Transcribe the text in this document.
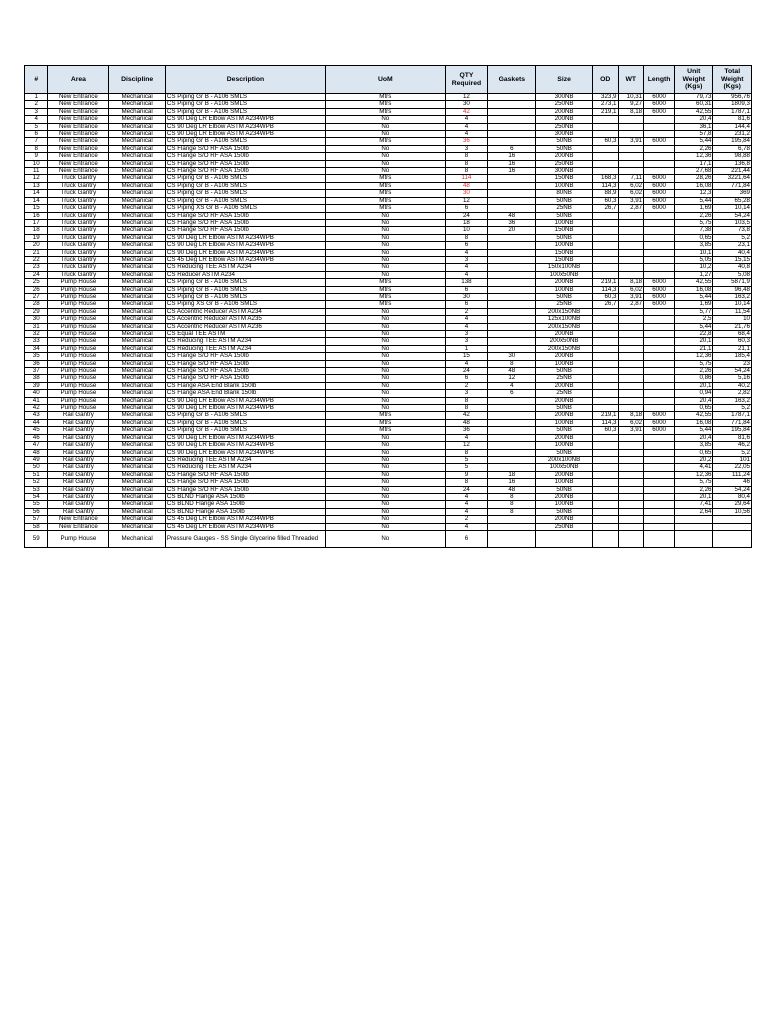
#	Area	Discipline	Description	UoM	QTY Required	Gaskets	Size	OD	WT	Length	Unit Weight (Kgs)	Total Weight (Kgs)
1	New Entrance	Mechanical	CS Piping Gr B - A106 SMLS	Mtrs	12		300NB	323,9	10,31	6000	79,73	956,76
2	New Entrance	Mechanical	CS Piping Gr B - A106 SMLS	Mtrs	30		250NB	273,1	9,27	6000	60,31	1809,3
3	New Entrance	Mechanical	CS Piping Gr B - A106 SMLS	Mtrs	42		200NB	219,1	8,18	6000	42,55	1787,1
4	New Entrance	Mechanical	CS 90 Deg LR Elbow ASTM A234WPB	No	4		200NB				20,4	81,6
5	New Entrance	Mechanical	CS 90 Deg LR Elbow ASTM A234WPB	No	4		250NB				36,1	144,4
6	New Entrance	Mechanical	CS 90 Deg LR Elbow ASTM A234WPB	No	4		300NB				57,8	231,2
7	New Entrance	Mechanical	CS Piping Gr B - A106 SMLS	Mtrs	36		50NB	60,3	3,91	6000	5,44	195,84
8	New Entrance	Mechanical	CS Flange S/O RF ASA 150lb	No	3	6	50NB				2,26	6,78
9	New Entrance	Mechanical	CS Flange S/O RF ASA 150lb	No	8	16	200NB				12,36	98,88
10	New Entrance	Mechanical	CS Flange S/O RF ASA 150lb	No	8	16	250NB				17,1	136,8
11	New Entrance	Mechanical	CS Flange S/O RF ASA 150lb	No	8	16	300NB				27,68	221,44
12	Truck Gantry	Mechanical	CS Piping Gr B - A106 SMLS	Mtrs	114		150NB	168,3	7,11	6000	28,26	3221,64
13	Truck Gantry	Mechanical	CS Piping Gr B - A106 SMLS	Mtrs	48		100NB	114,3	6,02	6000	16,08	771,84
14	Truck Gantry	Mechanical	CS Piping Gr B - A106 SMLS	Mtrs	30		80NB	88,9	6,02	6000	12,3	369
14	Truck Gantry	Mechanical	CS Piping Gr B - A106 SMLS	Mtrs	12		50NB	60,3	3,91	6000	5,44	65,28
15	Truck Gantry	Mechanical	CS Piping XS Gr B - A106 SMLS	Mtrs	6		25NB	26,7	2,87	6000	1,69	10,14
16	Truck Gantry	Mechanical	CS Flange S/O RF ASA 150lb	No	24	48	50NB				2,26	54,24
17	Truck Gantry	Mechanical	CS Flange S/O RF ASA 150lb	No	18	36	100NB				5,75	103,5
18	Truck Gantry	Mechanical	CS Flange S/O RF ASA 150lb	No	10	20	150NB				7,38	73,8
19	Truck Gantry	Mechanical	CS 90 Deg LR Elbow ASTM A234WPB	No	8		50NB				0,65	5,2
20	Truck Gantry	Mechanical	CS 90 Deg LR Elbow ASTM A234WPB	No	6		100NB				3,85	23,1
21	Truck Gantry	Mechanical	CS 90 Deg LR Elbow ASTM A234WPB	No	4		150NB				10,1	40,4
22	Truck Gantry	Mechanical	CS 45 Deg LR Elbow ASTM A234WPB	No	3		150NB				5,05	15,15
23	Truck Gantry	Mechanical	CS Reducing TEE ASTM A234	No	4		150x100NB				10,2	40,8
24	Truck Gantry	Mechanical	CS Reducer ASTM A234	No	4		100x50NB				1,27	5,08
25	Pump House	Mechanical	CS Piping Gr B - A106 SMLS	Mtrs	138		200NB	219,1	8,18	6000	42,55	5871,9
26	Pump House	Mechanical	CS Piping Gr B - A106 SMLS	Mtrs	6		100NB	114,3	6,02	6000	16,08	96,48
27	Pump House	Mechanical	CS Piping Gr B - A106 SMLS	Mtrs	30		50NB	60,3	3,91	6000	5,44	163,2
28	Pump House	Mechanical	CS Piping XS Gr B - A106 SMLS	Mtrs	6		25NB	26,7	2,87	6000	1,69	10,14
29	Pump House	Mechanical	CS Accentric Reducer ASTM A234	No	2		200x150NB				5,77	11,54
30	Pump House	Mechanical	CS Accentric Reducer ASTM A235	No	4		125x100NB				2,5	10
31	Pump House	Mechanical	CS Accentric Reducer ASTM A236	No	4		200x150NB				5,44	21,76
32	Pump House	Mechanical	CS Equal TEE ASTM	No	3		200NB				22,8	68,4
33	Pump House	Mechanical	CS Reducing TEE ASTM A234	No	3		200x50NB				20,1	60,3
34	Pump House	Mechanical	CS Reducing TEE ASTM A234	No	1		200x150NB				21,1	21,1
35	Pump House	Mechanical	CS Flange S/O RF ASA 150lb	No	15	30	200NB				12,36	185,4
36	Pump House	Mechanical	CS Flange S/O RF ASA 150lb	No	4	8	100NB				5,75	23
37	Pump House	Mechanical	CS Flange S/O RF ASA 150lb	No	24	48	50NB				2,26	54,24
38	Pump House	Mechanical	CS Flange S/O RF ASA 150lb	No	6	12	25NB				0,86	5,16
39	Pump House	Mechanical	CS Flange ASA End Blank 150lb	No	2	4	200NB				20,1	40,2
40	Pump House	Mechanical	CS Flange ASA End Blank 150lb	No	3	6	25NB				0,94	2,82
41	Pump House	Mechanical	CS 90 Deg LR Elbow ASTM A234WPB	No	8		200NB				20,4	163,2
42	Pump House	Mechanical	CS 90 Deg LR Elbow ASTM A234WPB	No	8		50NB				0,65	5,2
43	Rail Gantry	Mechanical	CS Piping Gr B - A106 SMLS	Mtrs	42		200NB	219,1	8,18	6000	42,55	1787,1
44	Rail Gantry	Mechanical	CS Piping Gr B - A106 SMLS	Mtrs	48		100NB	114,3	6,02	6000	16,08	771,84
45	Rail Gantry	Mechanical	CS Piping Gr B - A106 SMLS	Mtrs	36		50NB	60,3	3,91	6000	5,44	195,84
46	Rail Gantry	Mechanical	CS 90 Deg LR Elbow ASTM A234WPB	No	4		200NB				20,4	81,6
47	Rail Gantry	Mechanical	CS 90 Deg LR Elbow ASTM A234WPB	No	12		100NB				3,85	46,2
48	Rail Gantry	Mechanical	CS 90 Deg LR Elbow ASTM A234WPB	No	8		50NB				0,65	5,2
49	Rail Gantry	Mechanical	CS Reducing TEE ASTM A234	No	5		200x100NB				20,2	101
50	Rail Gantry	Mechanical	CS Reducing TEE ASTM A234	No	5		100x50NB				4,41	22,05
51	Rail Gantry	Mechanical	CS Flange S/O RF ASA 150lb	No	9	18	200NB				12,36	111,24
52	Rail Gantry	Mechanical	CS Flange S/O RF ASA 150lb	No	8	16	100NB				5,75	46
53	Rail Gantry	Mechanical	CS Flange S/O RF ASA 150lb	No	24	48	50NB				2,26	54,24
54	Rail Gantry	Mechanical	CS BLND Flange ASA 150lb	No	4	8	200NB				20,1	80,4
55	Rail Gantry	Mechanical	CS BLND Flange ASA 150lb	No	4	8	100NB				7,41	29,64
56	Rail Gantry	Mechanical	CS BLND Flange ASA 150lb	No	4	8	50NB				2,64	10,56
57	New Entrance	Mechanical	CS 45 Deg LR Elbow ASTM A234WPB	No	2		200NB					
58	New Entrance	Mechanical	CS 45 Deg LR Elbow ASTM A234WPB	No	4		250NB					
59	Pump House	Mechanical	Pressure Gauges - SS Single Glycerine filled Threaded	No	6							
